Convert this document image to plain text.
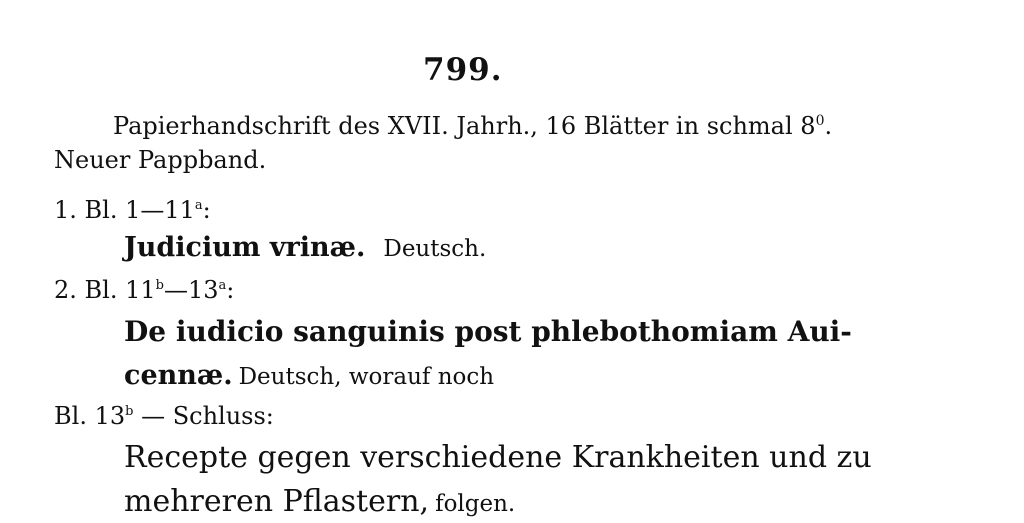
799.
Papierhandschrift des XVII. Jahrh., 16 Blätter in schmal $8^0$.
Neuer Pappband.
1. Bl. 1—11$^a$:
Judicium vrinæ. Deutsch.
2. Bl. 11$^b$—13$^a$:
De iudicio sanguinis post phlebothomiam Aui-
cennæ. Deutsch, worauf noch
Bl. 13$^b$ — Schluss:
Recepte gegen verschiedene Krankheiten und zu
mehreren Pflastern, folgen.
